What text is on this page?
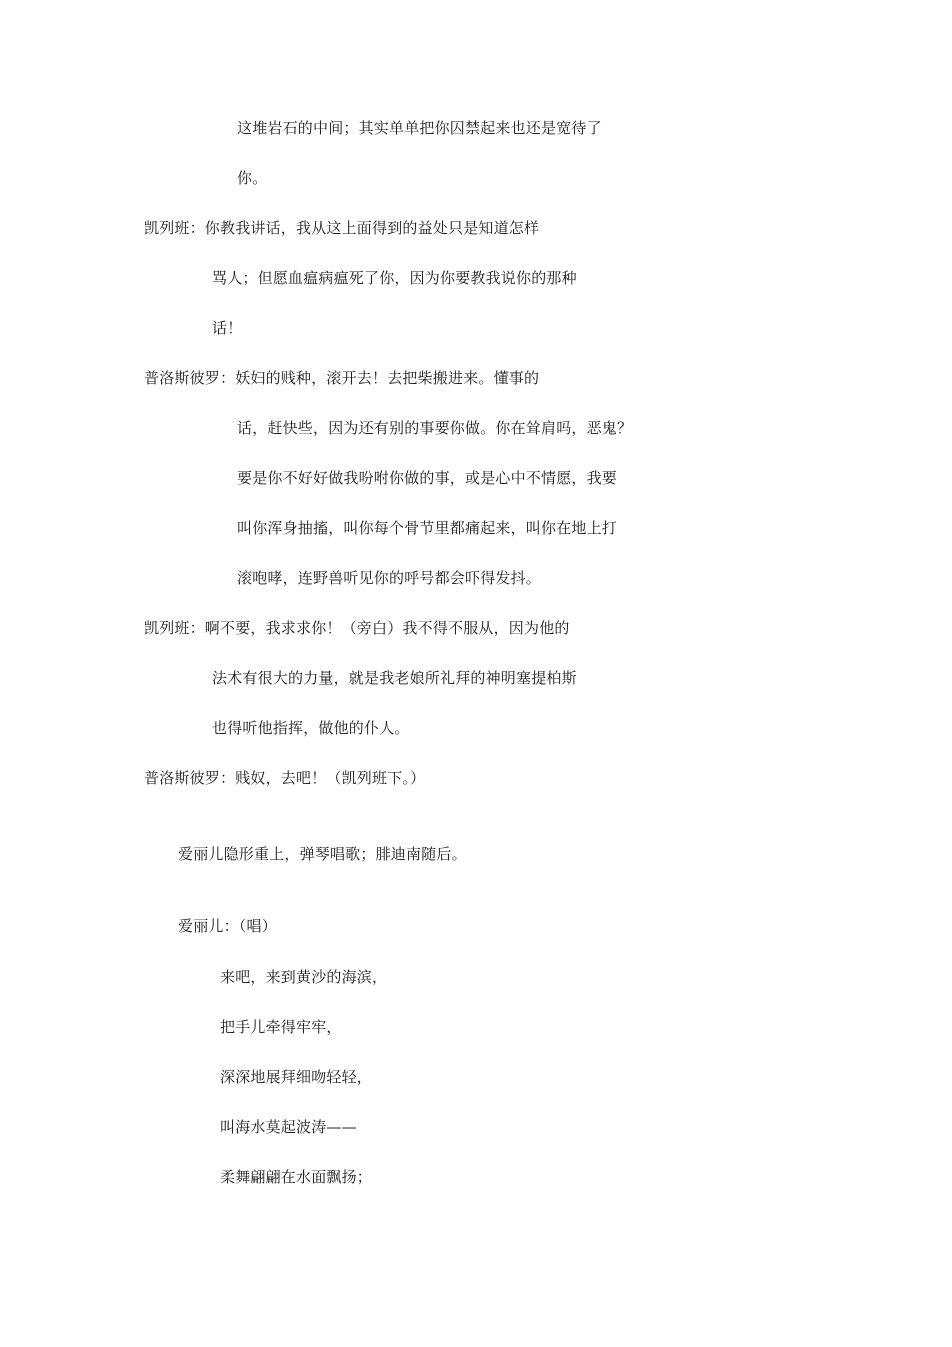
这堆岩石的中间；其实单单把你囚禁起来也还是宽待了
你。
凯列班：你教我讲话，我从这上面得到的益处只是知道怎样
骂人；但愿血瘟病瘟死了你，因为你要教我说你的那种
话！
普洛斯彼罗：妖妇的贱种，滚开去！去把柴搬进来。懂事的
话，赶快些，因为还有别的事要你做。你在耸肩吗，恶鬼？
要是你不好好做我吩咐你做的事，或是心中不情愿，我要
叫你浑身抽搐，叫你每个骨节里都痛起来，叫你在地上打
滚咆哮，连野兽听见你的呼号都会吓得发抖。
凯列班：啊不要，我求求你！（旁白）我不得不服从，因为他的
法术有很大的力量，就是我老娘所礼拜的神明塞提柏斯
也得听他指挥，做他的仆人。
普洛斯彼罗：贱奴，去吧！（凯列班下。）
爱丽儿隐形重上，弹琴唱歌；腓迪南随后。
爱丽儿：（唱）
来吧，来到黄沙的海滨，
把手儿牵得牢牢，
深深地展拜细吻轻轻，
叫海水莫起波涛——
柔舞翩翩在水面飘扬；
